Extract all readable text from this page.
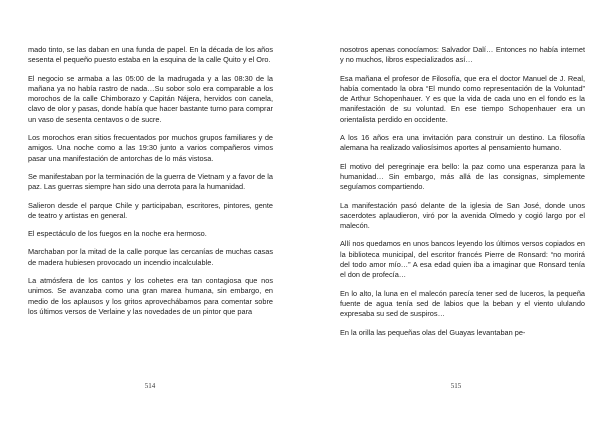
mado tinto, se las daban en una funda de papel. En la década de los años sesenta el pequeño puesto estaba en la esquina de la calle Quito y el Oro.

El negocio se armaba a las 05:00 de la madrugada y a las 08:30 de la mañana ya no había rastro de nada…Su sobor solo era comparable a los morochos de la calle Chimborazo y Capitán Nájera, hervidos con canela, clavo de olor y pasas, donde había que hacer bastante turno para comprar un vaso de sesenta centavos o de sucre.

Los morochos eran sitios frecuentados por muchos grupos familiares y de amigos. Una noche como a las 19:30 junto a varios compañeros vimos pasar una manifestación de antorchas de lo más vistosa.

Se manifestaban por la terminación de la guerra de Vietnam y a favor de la paz. Las guerras siempre han sido una derrota para la humanidad.

Salieron desde el parque Chile y participaban, escritores, pintores, gente de teatro y artistas en general.

El espectáculo de los fuegos en la noche era hermoso.

Marchaban por la mitad de la calle porque las cercanías de muchas casas de madera hubiesen provocado un incendio incalculable.

La atmósfera de los cantos y los cohetes era tan contagiosa que nos unimos. Se avanzaba como una gran marea humana, sin embargo, en medio de los aplausos y los gritos aprovechábamos para comentar sobre los últimos versos de Verlaine y las novedades de un pintor que para

514

nosotros apenas conocíamos: Salvador Dalí… Entonces no había internet y no muchos, libros especializados así…

Esa mañana el profesor de Filosofía, que era el doctor Manuel de J. Real, había comentado la obra “El mundo como representación de la Voluntad” de Arthur Schopenhauer. Y es que la vida de cada uno en el fondo es la manifestación de su voluntad. En ese tiempo Schopenhauer era un orientalista perdido en occidente.

A los 16 años era una invitación para construir un destino. La filosofía alemana ha realizado valiosísimos aportes al pensamiento humano.

El motivo del peregrinaje era bello: la paz como una esperanza para la humanidad… Sin embargo, más allá de las consignas, simplemente seguíamos compartiendo.

La manifestación pasó delante de la iglesia de San José, donde unos sacerdotes aplaudieron, viró por la avenida Olmedo y cogió largo por el malecón.

Allí nos quedamos en unos bancos leyendo los últimos versos copiados en la biblioteca municipal, del escritor francés Pierre de Ronsard: “no morirá del todo amor mío…” A esa edad quien iba a imaginar que Ronsard tenía el don de profecía…

En lo alto, la luna en el malecón parecía tener sed de luceros, la pequeña fuente de agua tenía sed de labios que la beban y el viento ululando expresaba su sed de suspiros…

En la orilla las pequeñas olas del Guayas levantaban pe-

515
